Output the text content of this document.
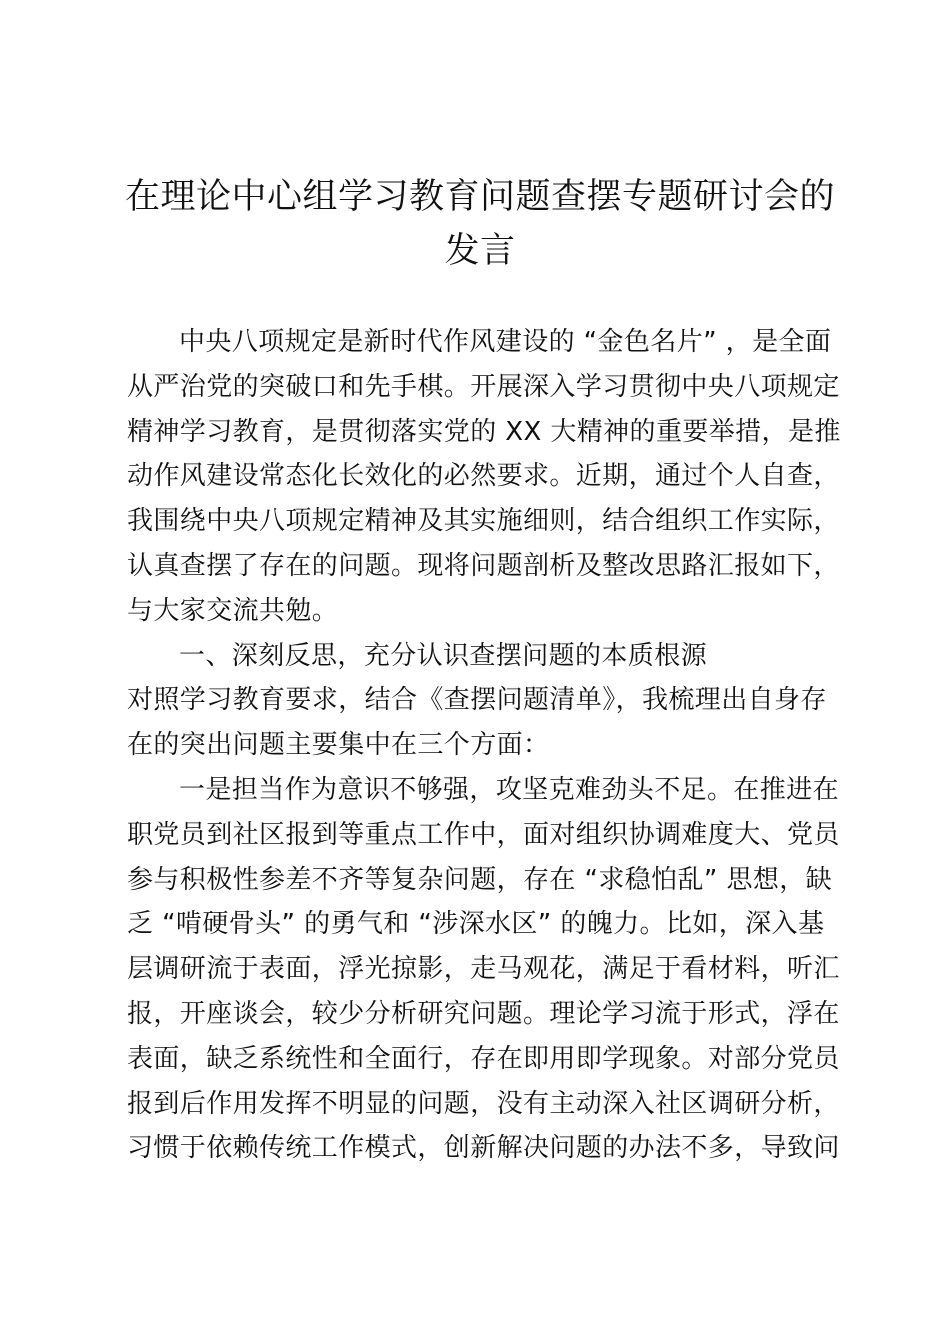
在理论中心组学习教育问题查摆专题研讨会的
发言
中央八项规定是新时代作风建设的 “金色名片” ，是全面
从严治党的突破口和先手棋。开展深入学习贯彻中央八项规定
精神学习教育，是贯彻落实党的 XX 大精神的重要举措，是推
动作风建设常态化长效化的必然要求。近期，通过个人自查，
我围绕中央八项规定精神及其实施细则，结合组织工作实际，
认真查摆了存在的问题。现将问题剖析及整改思路汇报如下，
与大家交流共勉。
一、深刻反思，充分认识查摆问题的本质根源
对照学习教育要求，结合《查摆问题清单》，我梳理出自身存
在的突出问题主要集中在三个方面：
一是担当作为意识不够强，攻坚克难劲头不足。在推进在
职党员到社区报到等重点工作中，面对组织协调难度大、党员
参与积极性参差不齐等复杂问题，存在 “求稳怕乱” 思想，缺
乏 “啃硬骨头” 的勇气和 “涉深水区” 的魄力。比如，深入基
层调研流于表面，浮光掠影，走马观花，满足于看材料，听汇
报，开座谈会，较少分析研究问题。理论学习流于形式，浮在
表面，缺乏系统性和全面行，存在即用即学现象。对部分党员
报到后作用发挥不明显的问题，没有主动深入社区调研分析，
习惯于依赖传统工作模式，创新解决问题的办法不多，导致问
